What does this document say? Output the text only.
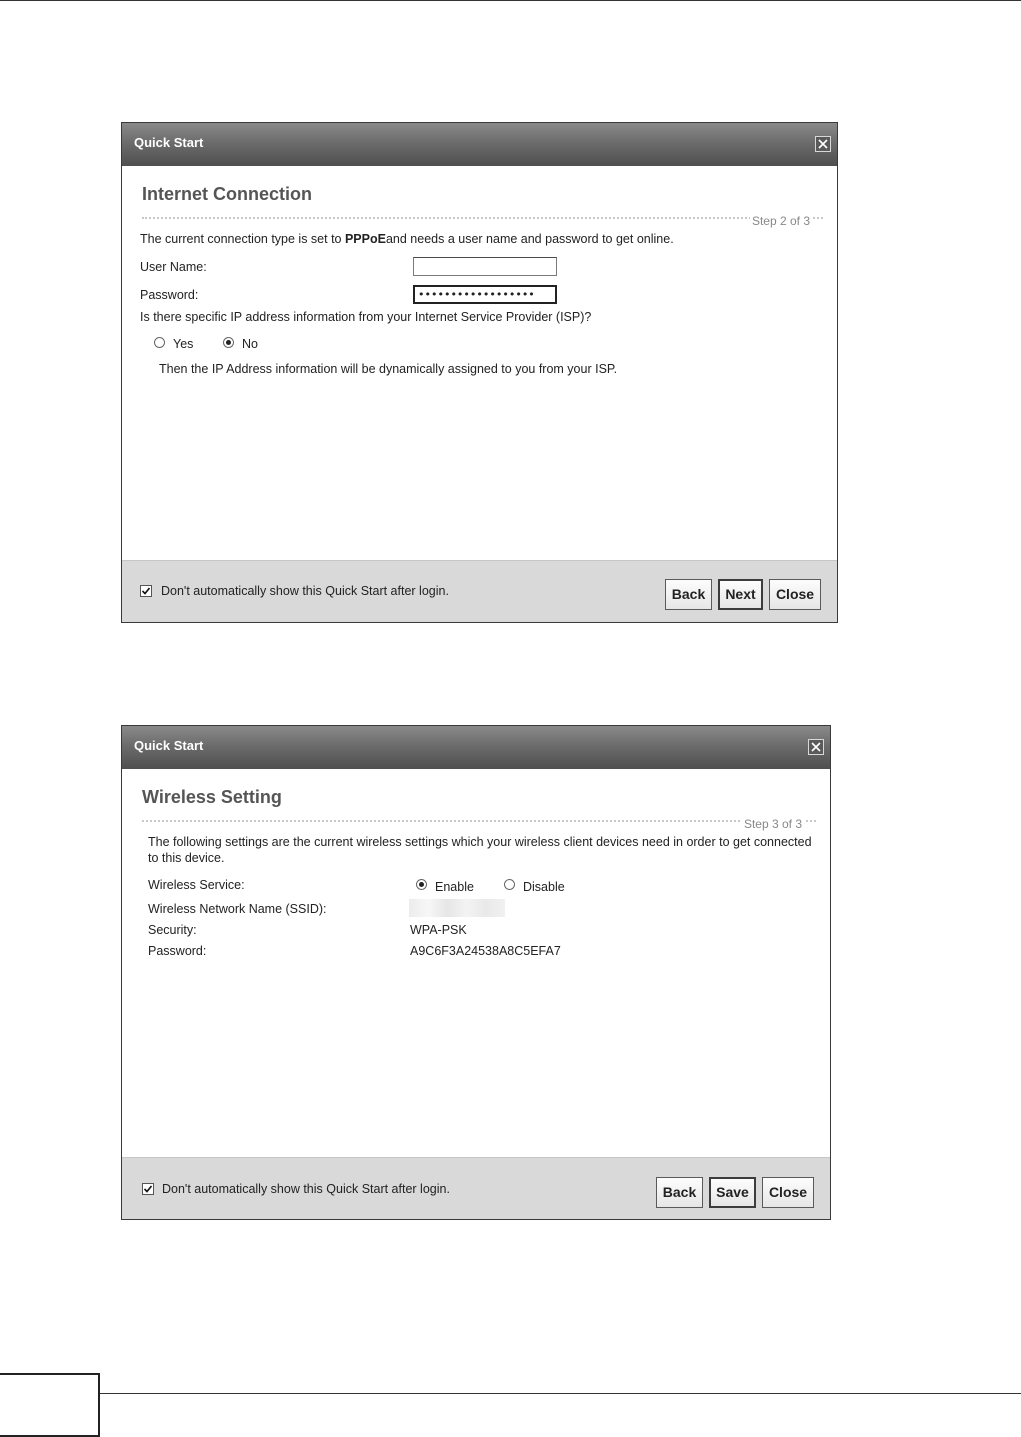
Quick Start
Internet Connection
Step 2 of 3
The current connection type is set to PPPoEand needs a user name and password to get online.
User Name:
Password:	••••••••••••••••••
Is there specific IP address information from your Internet Service Provider (ISP)?
Yes	No
Then the IP Address information will be dynamically assigned to you from your ISP.
Don't automatically show this Quick Start after login.	Back	Next	Close
Quick Start
Wireless Setting
Step 3 of 3
The following settings are the current wireless settings which your wireless client devices need in order to get connected to this device.
Wireless Service:	Enable	Disable
Wireless Network Name (SSID):
Security:	WPA-PSK
Password:	A9C6F3A24538A8C5EFA7
Don't automatically show this Quick Start after login.	Back	Save	Close
